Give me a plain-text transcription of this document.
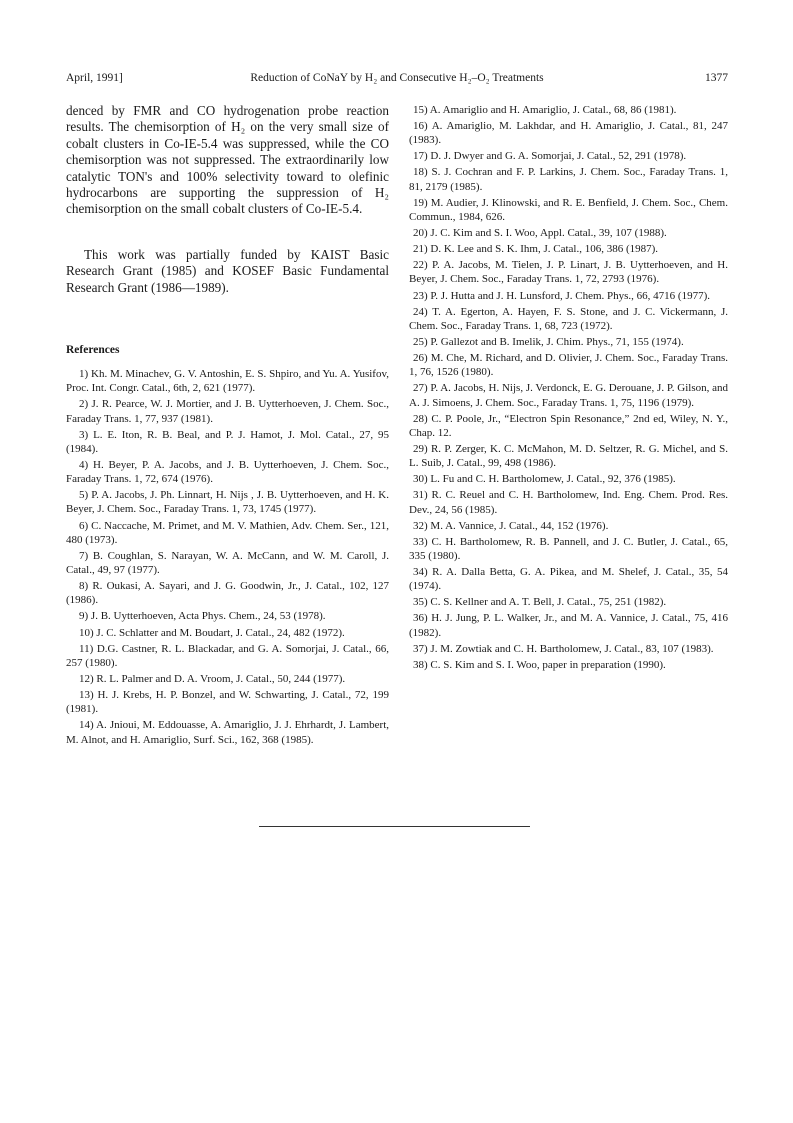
April, 1991]	Reduction of CoNaY by H₂ and Consecutive H₂–O₂ Treatments	1377

denced by FMR and CO hydrogenation probe reaction results. The chemisorption of H₂ on the very small size of cobalt clusters in Co-IE-5.4 was suppressed, while the CO chemisorption was not suppressed. The extraordinarily low catalytic TON's and 100% selectivity toward to olefinic hydrocarbons are supporting the suppression of H₂ chemisorption on the small cobalt clusters of Co-IE-5.4.

This work was partially funded by KAIST Basic Research Grant (1985) and KOSEF Basic Fundamental Research Grant (1986—1989).

References

1) Kh. M. Minachev, G. V. Antoshin, E. S. Shpiro, and Yu. A. Yusifov, Proc. Int. Congr. Catal., 6th, 2, 621 (1977).

2) J. R. Pearce, W. J. Mortier, and J. B. Uytterhoeven, J. Chem. Soc., Faraday Trans. 1, 77, 937 (1981).

3) L. E. Iton, R. B. Beal, and P. J. Hamot, J. Mol. Catal., 27, 95 (1984).

4) H. Beyer, P. A. Jacobs, and J. B. Uytterhoeven, J. Chem. Soc., Faraday Trans. 1, 72, 674 (1976).

5) P. A. Jacobs, J. Ph. Linnart, H. Nijs , J. B. Uytterhoeven, and H. K. Beyer, J. Chem. Soc., Faraday Trans. 1, 73, 1745 (1977).

6) C. Naccache, M. Primet, and M. V. Mathien, Adv. Chem. Ser., 121, 480 (1973).

7) B. Coughlan, S. Narayan, W. A. McCann, and W. M. Caroll, J. Catal., 49, 97 (1977).

8) R. Oukasi, A. Sayari, and J. G. Goodwin, Jr., J. Catal., 102, 127 (1986).

9) J. B. Uytterhoeven, Acta Phys. Chem., 24, 53 (1978).

10) J. C. Schlatter and M. Boudart, J. Catal., 24, 482 (1972).

11) D.G. Castner, R. L. Blackadar, and G. A. Somorjai, J. Catal., 66, 257 (1980).

12) R. L. Palmer and D. A. Vroom, J. Catal., 50, 244 (1977).

13) H. J. Krebs, H. P. Bonzel, and W. Schwarting, J. Catal., 72, 199 (1981).

14) A. Jnioui, M. Eddouasse, A. Amariglio, J. J. Ehrhardt, J. Lambert, M. Alnot, and H. Amariglio, Surf. Sci., 162, 368 (1985).

15) A. Amariglio and H. Amariglio, J. Catal., 68, 86 (1981).

16) A. Amariglio, M. Lakhdar, and H. Amariglio, J. Catal., 81, 247 (1983).

17) D. J. Dwyer and G. A. Somorjai, J. Catal., 52, 291 (1978).

18) S. J. Cochran and F. P. Larkins, J. Chem. Soc., Faraday Trans. 1, 81, 2179 (1985).

19) M. Audier, J. Klinowski, and R. E. Benfield, J. Chem. Soc., Chem. Commun., 1984, 626.

20) J. C. Kim and S. I. Woo, Appl. Catal., 39, 107 (1988).

21) D. K. Lee and S. K. Ihm, J. Catal., 106, 386 (1987).

22) P. A. Jacobs, M. Tielen, J. P. Linart, J. B. Uytterhoeven, and H. Beyer, J. Chem. Soc., Faraday Trans. 1, 72, 2793 (1976).

23) P. J. Hutta and J. H. Lunsford, J. Chem. Phys., 66, 4716 (1977).

24) T. A. Egerton, A. Hayen, F. S. Stone, and J. C. Vickermann, J. Chem. Soc., Faraday Trans. 1, 68, 723 (1972).

25) P. Gallezot and B. Imelik, J. Chim. Phys., 71, 155 (1974).

26) M. Che, M. Richard, and D. Olivier, J. Chem. Soc., Faraday Trans. 1, 76, 1526 (1980).

27) P. A. Jacobs, H. Nijs, J. Verdonck, E. G. Derouane, J. P. Gilson, and A. J. Simoens, J. Chem. Soc., Faraday Trans. 1, 75, 1196 (1979).

28) C. P. Poole, Jr., “Electron Spin Resonance,” 2nd ed, Wiley, N. Y., Chap. 12.

29) R. P. Zerger, K. C. McMahon, M. D. Seltzer, R. G. Michel, and S. L. Suib, J. Catal., 99, 498 (1986).

30) L. Fu and C. H. Bartholomew, J. Catal., 92, 376 (1985).

31) R. C. Reuel and C. H. Bartholomew, Ind. Eng. Chem. Prod. Res. Dev., 24, 56 (1985).

32) M. A. Vannice, J. Catal., 44, 152 (1976).

33) C. H. Bartholomew, R. B. Pannell, and J. C. Butler, J. Catal., 65, 335 (1980).

34) R. A. Dalla Betta, G. A. Pikea, and M. Shelef, J. Catal., 35, 54 (1974).

35) C. S. Kellner and A. T. Bell, J. Catal., 75, 251 (1982).

36) H. J. Jung, P. L. Walker, Jr., and M. A. Vannice, J. Catal., 75, 416 (1982).

37) J. M. Zowtiak and C. H. Bartholomew, J. Catal., 83, 107 (1983).

38) C. S. Kim and S. I. Woo, paper in preparation (1990).
